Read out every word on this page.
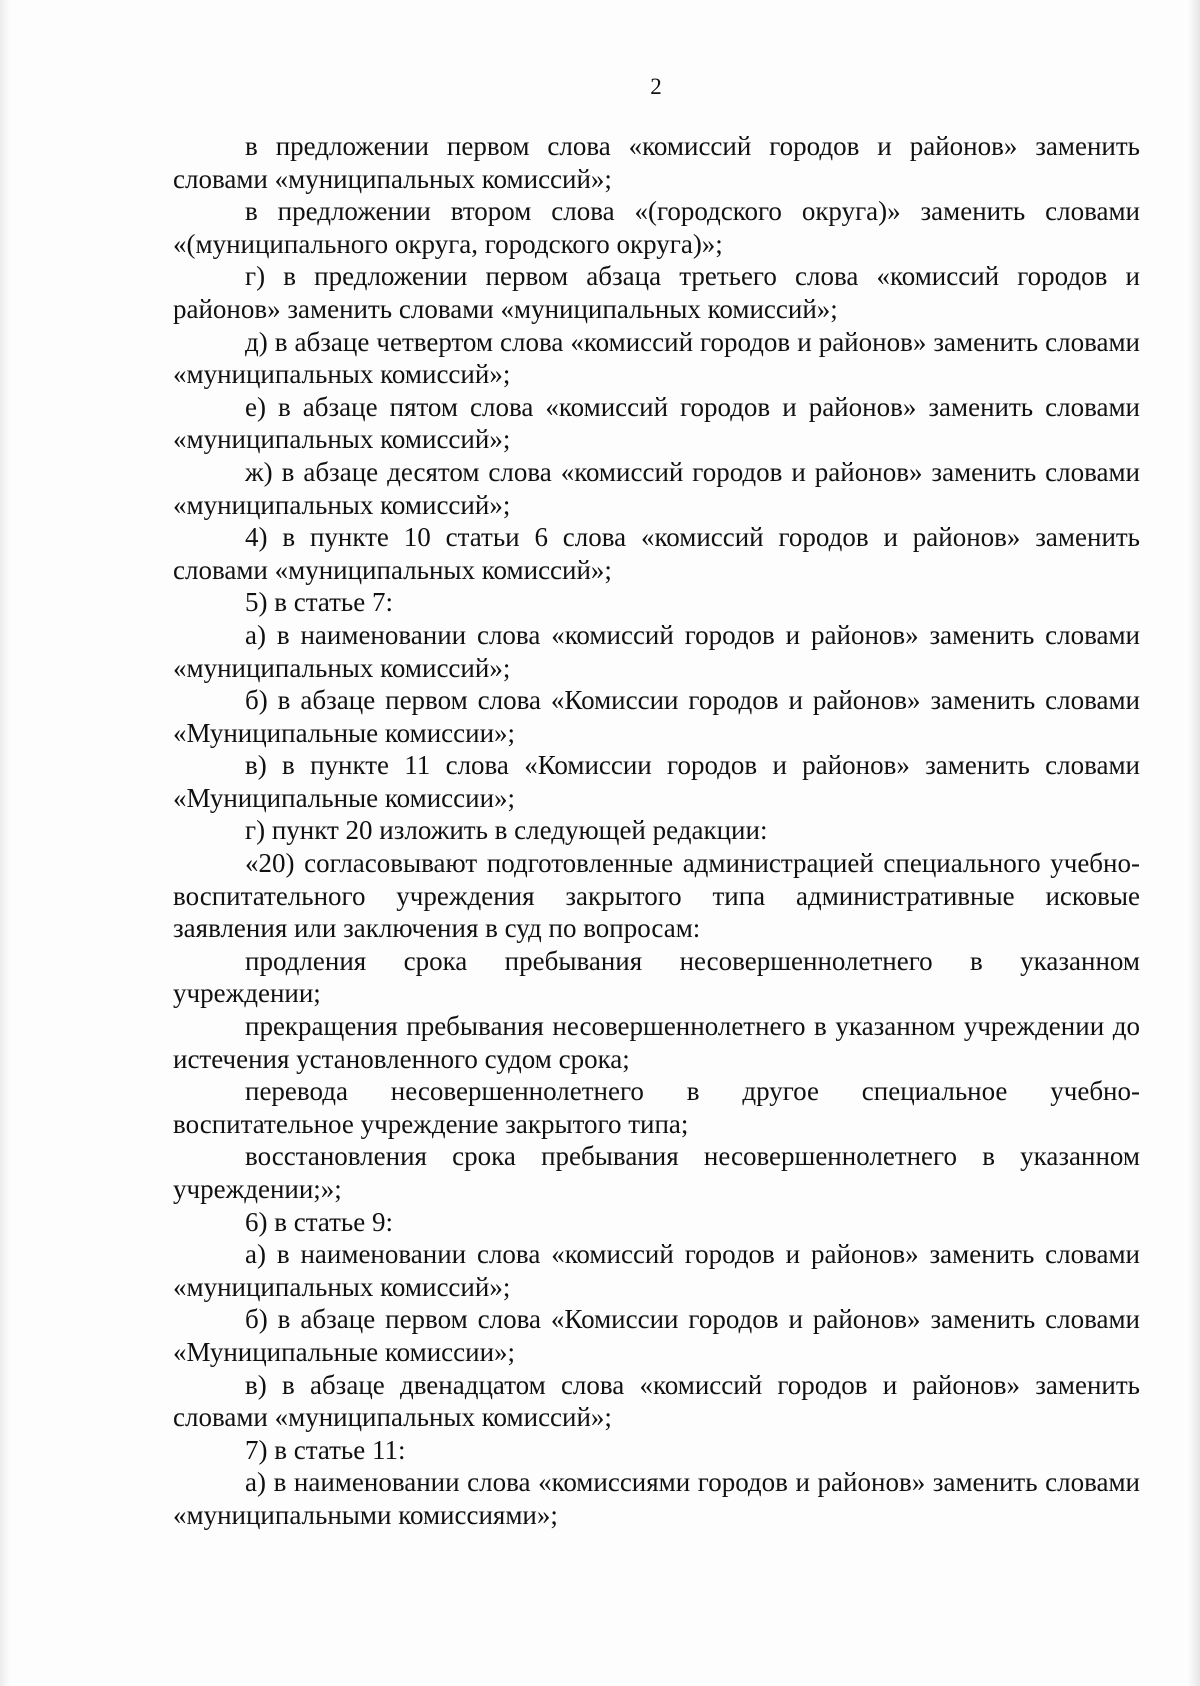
2

в предложении первом слова «комиссий городов и районов» заменить словами «муниципальных комиссий»;

в предложении втором слова «(городского округа)» заменить словами «(муниципального округа, городского округа)»;

г) в предложении первом абзаца третьего слова «комиссий городов и районов» заменить словами «муниципальных комиссий»;

д) в абзаце четвертом слова «комиссий городов и районов» заменить словами «муниципальных комиссий»;

е) в абзаце пятом слова «комиссий городов и районов» заменить словами «муниципальных комиссий»;

ж) в абзаце десятом слова «комиссий городов и районов» заменить словами «муниципальных комиссий»;

4) в пункте 10 статьи 6 слова «комиссий городов и районов» заменить словами «муниципальных комиссий»;

5) в статье 7:

а) в наименовании слова «комиссий городов и районов» заменить словами «муниципальных комиссий»;

б) в абзаце первом слова «Комиссии городов и районов» заменить словами «Муниципальные комиссии»;

в) в пункте 11 слова «Комиссии городов и районов» заменить словами «Муниципальные комиссии»;

г) пункт 20 изложить в следующей редакции:

«20) согласовывают подготовленные администрацией специального учебно-воспитательного учреждения закрытого типа административные исковые заявления или заключения в суд по вопросам:

продления срока пребывания несовершеннолетнего в указанном учреждении;

прекращения пребывания несовершеннолетнего в указанном учреждении до истечения установленного судом срока;

перевода несовершеннолетнего в другое специальное учебно-воспитательное учреждение закрытого типа;

восстановления срока пребывания несовершеннолетнего в указанном учреждении;»;

6) в статье 9:

а) в наименовании слова «комиссий городов и районов» заменить словами «муниципальных комиссий»;

б) в абзаце первом слова «Комиссии городов и районов» заменить словами «Муниципальные комиссии»;

в) в абзаце двенадцатом слова «комиссий городов и районов» заменить словами «муниципальных комиссий»;

7) в статье 11:

а) в наименовании слова «комиссиями городов и районов» заменить словами «муниципальными комиссиями»;
